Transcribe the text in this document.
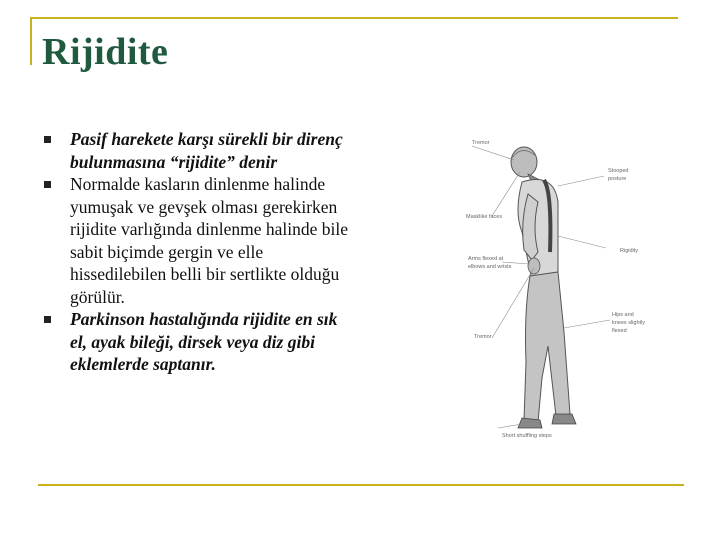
Rijidite
Pasif harekete karşı sürekli bir direnç bulunmasına “rijidite” denir
Normalde kasların dinlenme halinde yumuşak ve gevşek olması gerekirken rijidite varlığında dinlenme halinde bile sabit biçimde gergin ve elle hissedilebilen belli bir sertlikte olduğu görülür.
Parkinson hastalığında rijidite en sık el, ayak bileği, dirsek veya diz gibi eklemlerde saptanır.
Tremor
Stooped
posture
Masklike faces
Rigidity
Arms flexed at
elbows and wrists
Hips and
knees slightly
flexed
Tremor
Short shuffling steps
